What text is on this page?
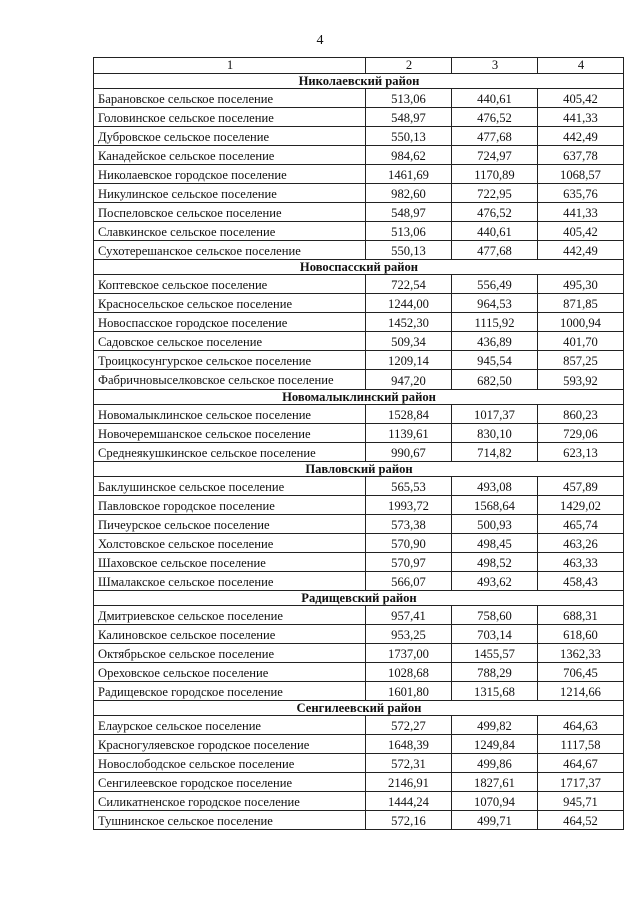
4
1	2	3	4
Николаевский район			
Барановское сельское поселение	513,06	440,61	405,42
Головинское сельское поселение	548,97	476,52	441,33
Дубровское сельское поселение	550,13	477,68	442,49
Канадейское сельское поселение	984,62	724,97	637,78
Николаевское городское поселение	1461,69	1170,89	1068,57
Никулинское сельское поселение	982,60	722,95	635,76
Поспеловское сельское поселение	548,97	476,52	441,33
Славкинское сельское поселение	513,06	440,61	405,42
Сухотерешанское сельское поселение	550,13	477,68	442,49
Новоспасский район			
Коптевское сельское поселение	722,54	556,49	495,30
Красносельское сельское поселение	1244,00	964,53	871,85
Новоспасское городское поселение	1452,30	1115,92	1000,94
Садовское сельское поселение	509,34	436,89	401,70
Троицкосунгурское сельское поселение	1209,14	945,54	857,25
Фабричновыселковское сельское поселение	947,20	682,50	593,92
Новомалыклинский район			
Новомалыклинское сельское поселение	1528,84	1017,37	860,23
Новочеремшанское сельское поселение	1139,61	830,10	729,06
Среднеякушкинское сельское поселение	990,67	714,82	623,13
Павловский район			
Баклушинское сельское поселение	565,53	493,08	457,89
Павловское городское поселение	1993,72	1568,64	1429,02
Пичеурское сельское поселение	573,38	500,93	465,74
Холстовское сельское поселение	570,90	498,45	463,26
Шаховское сельское поселение	570,97	498,52	463,33
Шмалакское сельское поселение	566,07	493,62	458,43
Радищевский район			
Дмитриевское сельское поселение	957,41	758,60	688,31
Калиновское сельское поселение	953,25	703,14	618,60
Октябрьское сельское поселение	1737,00	1455,57	1362,33
Ореховское сельское поселение	1028,68	788,29	706,45
Радищевское городское поселение	1601,80	1315,68	1214,66
Сенгилеевский район			
Елаурское сельское поселение	572,27	499,82	464,63
Красногуляевское городское поселение	1648,39	1249,84	1117,58
Новослободское сельское поселение	572,31	499,86	464,67
Сенгилеевское городское поселение	2146,91	1827,61	1717,37
Силикатненское городское поселение	1444,24	1070,94	945,71
Тушнинское сельское поселение	572,16	499,71	464,52
